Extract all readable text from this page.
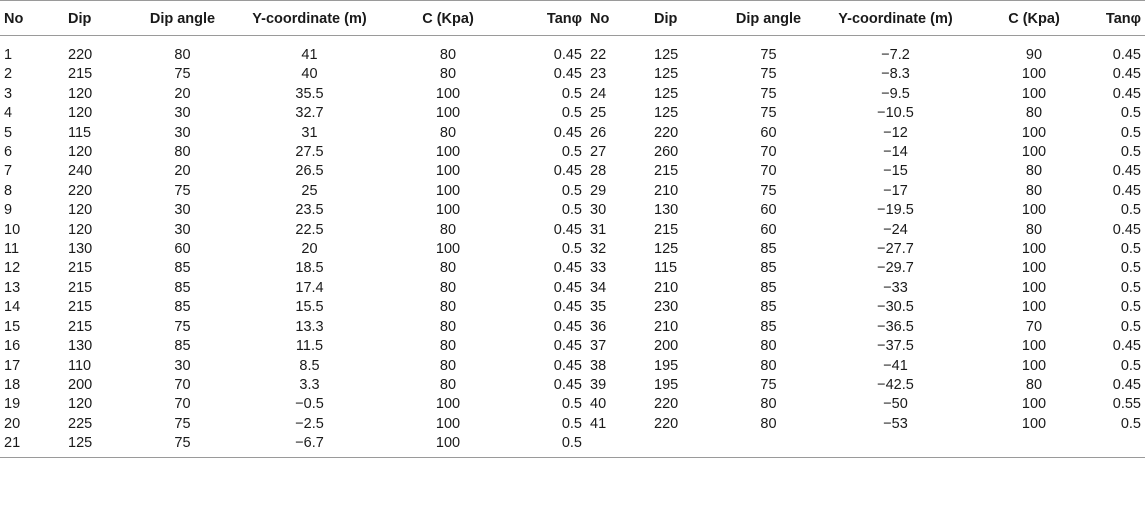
No	Dip	Dip angle	Y-coordinate (m)	C (Kpa)	Tanφ	No	Dip	Dip angle	Y-coordinate (m)	C (Kpa)	Tanφ
1	220	80	41	80	0.45	22	125	75	−7.2	90	0.45
2	215	75	40	80	0.45	23	125	75	−8.3	100	0.45
3	120	20	35.5	100	0.5	24	125	75	−9.5	100	0.45
4	120	30	32.7	100	0.5	25	125	75	−10.5	80	0.5
5	115	30	31	80	0.45	26	220	60	−12	100	0.5
6	120	80	27.5	100	0.5	27	260	70	−14	100	0.5
7	240	20	26.5	100	0.45	28	215	70	−15	80	0.45
8	220	75	25	100	0.5	29	210	75	−17	80	0.45
9	120	30	23.5	100	0.5	30	130	60	−19.5	100	0.5
10	120	30	22.5	80	0.45	31	215	60	−24	80	0.45
11	130	60	20	100	0.5	32	125	85	−27.7	100	0.5
12	215	85	18.5	80	0.45	33	115	85	−29.7	100	0.5
13	215	85	17.4	80	0.45	34	210	85	−33	100	0.5
14	215	85	15.5	80	0.45	35	230	85	−30.5	100	0.5
15	215	75	13.3	80	0.45	36	210	85	−36.5	70	0.5
16	130	85	11.5	80	0.45	37	200	80	−37.5	100	0.45
17	110	30	8.5	80	0.45	38	195	80	−41	100	0.5
18	200	70	3.3	80	0.45	39	195	75	−42.5	80	0.45
19	120	70	−0.5	100	0.5	40	220	80	−50	100	0.55
20	225	75	−2.5	100	0.5	41	220	80	−53	100	0.5
21	125	75	−6.7	100	0.5						
